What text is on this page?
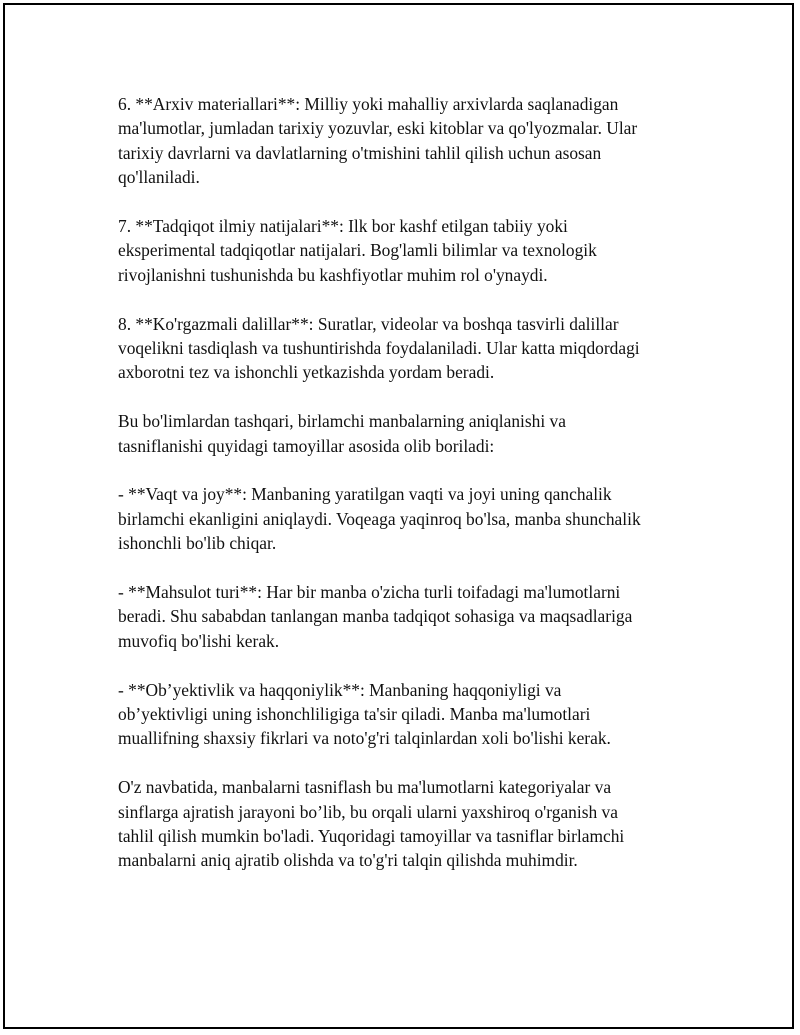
6. **Arxiv materiallari**: Milliy yoki mahalliy arxivlarda saqlanadigan
ma'lumotlar, jumladan tarixiy yozuvlar, eski kitoblar va qo'lyozmalar. Ular
tarixiy davrlarni va davlatlarning o'tmishini tahlil qilish uchun asosan
qo'llaniladi.

7. **Tadqiqot ilmiy natijalari**: Ilk bor kashf etilgan tabiiy yoki
eksperimental tadqiqotlar natijalari. Bog'lamli bilimlar va texnologik
rivojlanishni tushunishda bu kashfiyotlar muhim rol o'ynaydi.

8. **Ko'rgazmali dalillar**: Suratlar, videolar va boshqa tasvirli dalillar
voqelikni tasdiqlash va tushuntirishda foydalaniladi. Ular katta miqdordagi
axborotni tez va ishonchli yetkazishda yordam beradi.

Bu bo'limlardan tashqari, birlamchi manbalarning aniqlanishi va
tasniflanishi quyidagi tamoyillar asosida olib boriladi:

- **Vaqt va joy**: Manbaning yaratilgan vaqti va joyi uning qanchalik
birlamchi ekanligini aniqlaydi. Voqeaga yaqinroq bo'lsa, manba shunchalik
ishonchli bo'lib chiqar.

- **Mahsulot turi**: Har bir manba o'zicha turli toifadagi ma'lumotlarni
beradi. Shu sababdan tanlangan manba tadqiqot sohasiga va maqsadlariga
muvofiq bo'lishi kerak.

- **Ob’yektivlik va haqqoniylik**: Manbaning haqqoniyligi va
ob’yektivligi uning ishonchliligiga ta'sir qiladi. Manba ma'lumotlari
muallifning shaxsiy fikrlari va noto'g'ri talqinlardan xoli bo'lishi kerak.

O'z navbatida, manbalarni tasniflash bu ma'lumotlarni kategoriyalar va
sinflarga ajratish jarayoni bo’lib, bu orqali ularni yaxshiroq o'rganish va
tahlil qilish mumkin bo'ladi. Yuqoridagi tamoyillar va tasniflar birlamchi
manbalarni aniq ajratib olishda va to'g'ri talqin qilishda muhimdir.
